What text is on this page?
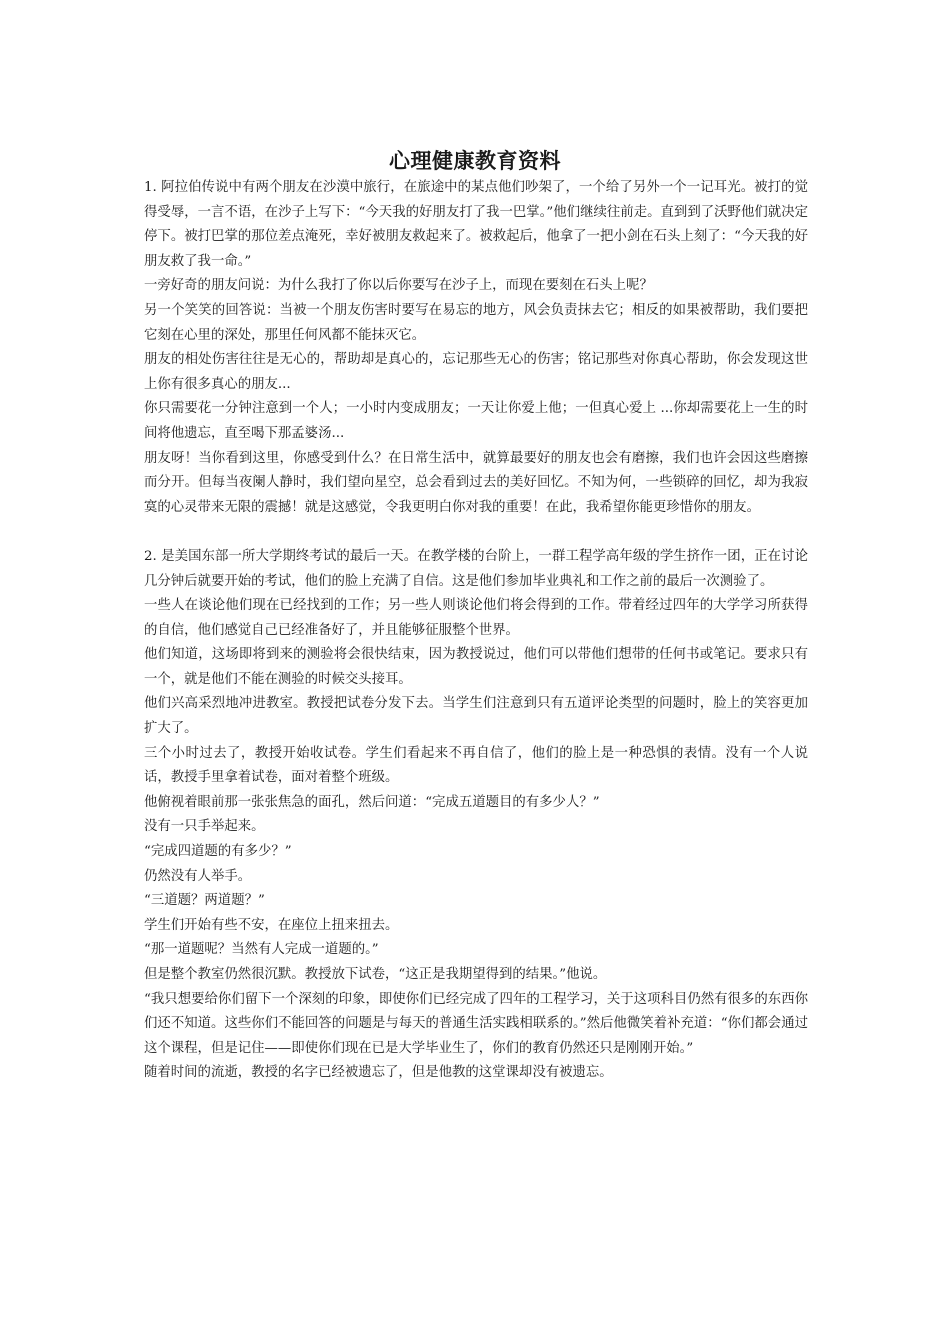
心理健康教育资料

1. 阿拉伯传说中有两个朋友在沙漠中旅行，在旅途中的某点他们吵架了，一个给了另外一个一记耳光。被打的觉得受辱，一言不语，在沙子上写下：“今天我的好朋友打了我一巴掌。”他们继续往前走。直到到了沃野他们就决定停下。被打巴掌的那位差点淹死，幸好被朋友救起来了。被救起后，他拿了一把小剑在石头上刻了：“今天我的好朋友救了我一命。”

一旁好奇的朋友问说：为什么我打了你以后你要写在沙子上，而现在要刻在石头上呢？

另一个笑笑的回答说：当被一个朋友伤害时要写在易忘的地方，风会负责抹去它；相反的如果被帮助，我们要把它刻在心里的深处，那里任何风都不能抹灭它。

朋友的相处伤害往往是无心的，帮助却是真心的，忘记那些无心的伤害；铭记那些对你真心帮助，你会发现这世上你有很多真心的朋友...

你只需要花一分钟注意到一个人；一小时内变成朋友；一天让你爱上他；一但真心爱上 ...你却需要花上一生的时间将他遗忘，直至喝下那孟婆汤...

朋友呀！当你看到这里，你感受到什么？在日常生活中，就算最要好的朋友也会有磨擦，我们也许会因这些磨擦而分开。但每当夜阑人静时，我们望向星空，总会看到过去的美好回忆。不知为何，一些锁碎的回忆，却为我寂寞的心灵带来无限的震撼！就是这感觉，令我更明白你对我的重要！在此，我希望你能更珍惜你的朋友。

2. 是美国东部一所大学期终考试的最后一天。在教学楼的台阶上，一群工程学高年级的学生挤作一团，正在讨论几分钟后就要开始的考试，他们的脸上充满了自信。这是他们参加毕业典礼和工作之前的最后一次测验了。

一些人在谈论他们现在已经找到的工作；另一些人则谈论他们将会得到的工作。带着经过四年的大学学习所获得的自信，他们感觉自己已经准备好了，并且能够征服整个世界。

他们知道，这场即将到来的测验将会很快结束，因为教授说过，他们可以带他们想带的任何书或笔记。要求只有一个，就是他们不能在测验的时候交头接耳。

他们兴高采烈地冲进教室。教授把试卷分发下去。当学生们注意到只有五道评论类型的问题时，脸上的笑容更加扩大了。

三个小时过去了，教授开始收试卷。学生们看起来不再自信了，他们的脸上是一种恐惧的表情。没有一个人说话，教授手里拿着试卷，面对着整个班级。

他俯视着眼前那一张张焦急的面孔，然后问道：“完成五道题目的有多少人？”

没有一只手举起来。

“完成四道题的有多少？”

仍然没有人举手。

“三道题？两道题？”

学生们开始有些不安，在座位上扭来扭去。

“那一道题呢？当然有人完成一道题的。”

但是整个教室仍然很沉默。教授放下试卷，“这正是我期望得到的结果。”他说。

“我只想要给你们留下一个深刻的印象，即使你们已经完成了四年的工程学习，关于这项科目仍然有很多的东西你们还不知道。这些你们不能回答的问题是与每天的普通生活实践相联系的。”然后他微笑着补充道：“你们都会通过这个课程，但是记住——即使你们现在已是大学毕业生了，你们的教育仍然还只是刚刚开始。”

随着时间的流逝，教授的名字已经被遗忘了，但是他教的这堂课却没有被遗忘。
